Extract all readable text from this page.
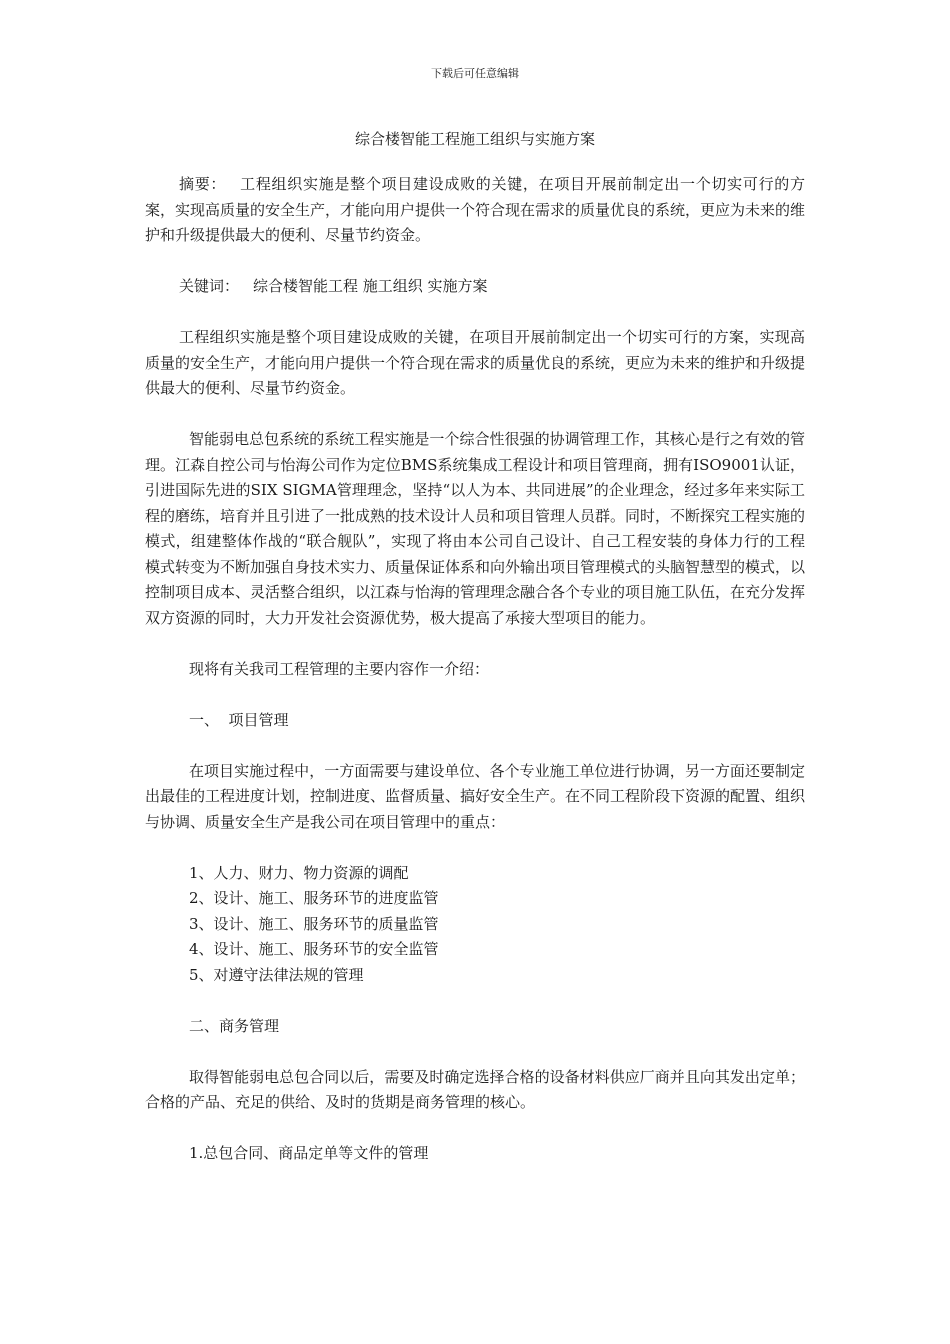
下载后可任意编辑
综合楼智能工程施工组织与实施方案

摘要： 工程组织实施是整个项目建设成败的关键，在项目开展前制定出一个切实可行的方案，实现高质量的安全生产，才能向用户提供一个符合现在需求的质量优良的系统，更应为未来的维护和升级提供最大的便利、尽量节约资金。

关键词： 综合楼智能工程 施工组织 实施方案

工程组织实施是整个项目建设成败的关键，在项目开展前制定出一个切实可行的方案，实现高质量的安全生产，才能向用户提供一个符合现在需求的质量优良的系统，更应为未来的维护和升级提供最大的便利、尽量节约资金。

智能弱电总包系统的系统工程实施是一个综合性很强的协调管理工作，其核心是行之有效的管理。江森自控公司与怡海公司作为定位BMS系统集成工程设计和项目管理商，拥有ISO9001认证，引进国际先进的SIX SIGMA管理理念，坚持“以人为本、共同进展”的企业理念，经过多年来实际工程的磨练，培育并且引进了一批成熟的技术设计人员和项目管理人员群。同时，不断探究工程实施的模式，组建整体作战的“联合舰队”，实现了将由本公司自己设计、自己工程安装的身体力行的工程模式转变为不断加强自身技术实力、质量保证体系和向外输出项目管理模式的头脑智慧型的模式，以控制项目成本、灵活整合组织，以江森与怡海的管理理念融合各个专业的项目施工队伍，在充分发挥双方资源的同时，大力开发社会资源优势，极大提高了承接大型项目的能力。

现将有关我司工程管理的主要内容作一介绍：

一、  项目管理

在项目实施过程中，一方面需要与建设单位、各个专业施工单位进行协调，另一方面还要制定出最佳的工程进度计划，控制进度、监督质量、搞好安全生产。在不同工程阶段下资源的配置、组织与协调、质量安全生产是我公司在项目管理中的重点：

1、人力、财力、物力资源的调配
2、设计、施工、服务环节的进度监管
3、设计、施工、服务环节的质量监管
4、设计、施工、服务环节的安全监管
5、对遵守法律法规的管理

二、商务管理

取得智能弱电总包合同以后，需要及时确定选择合格的设备材料供应厂商并且向其发出定单；合格的产品、充足的供给、及时的货期是商务管理的核心。

1.总包合同、商品定单等文件的管理
